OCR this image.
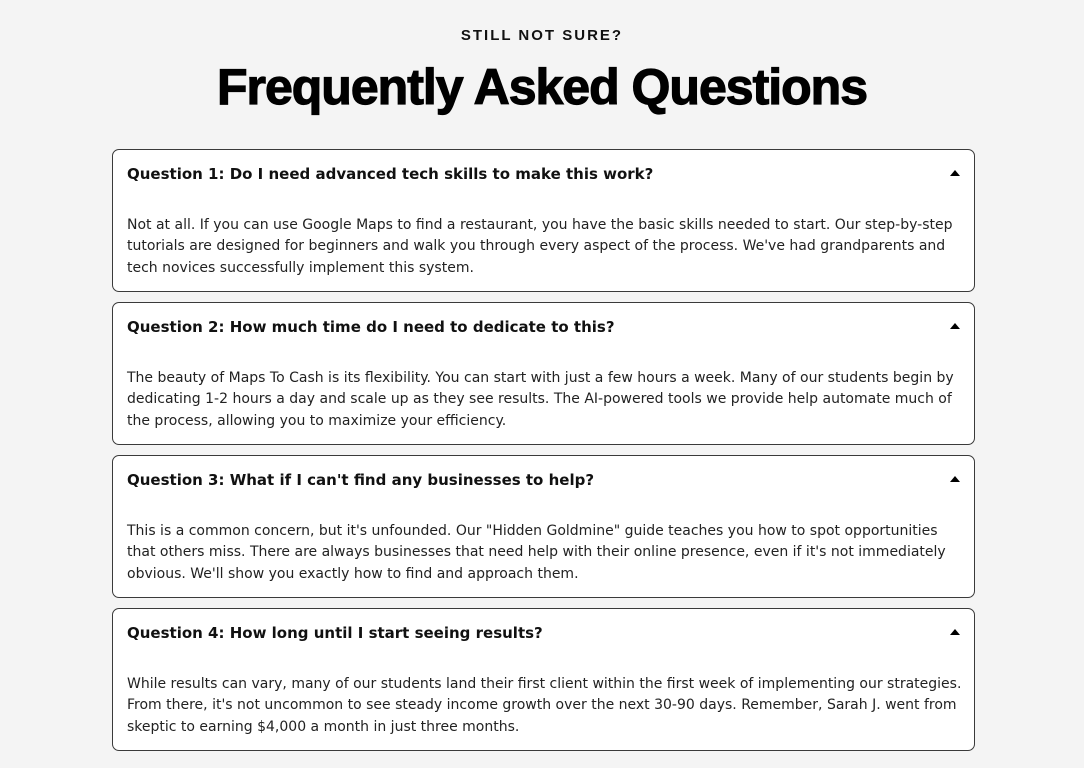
STILL NOT SURE?
Frequently Asked Questions
Question 1: Do I need advanced tech skills to make this work?
Not at all. If you can use Google Maps to find a restaurant, you have the basic skills needed to start. Our step-by-step tutorials are designed for beginners and walk you through every aspect of the process. We've had grandparents and tech novices successfully implement this system.
Question 2: How much time do I need to dedicate to this?
The beauty of Maps To Cash is its flexibility. You can start with just a few hours a week. Many of our students begin by dedicating 1-2 hours a day and scale up as they see results. The AI-powered tools we provide help automate much of the process, allowing you to maximize your efficiency.
Question 3: What if I can't find any businesses to help?
This is a common concern, but it's unfounded. Our "Hidden Goldmine" guide teaches you how to spot opportunities that others miss. There are always businesses that need help with their online presence, even if it's not immediately obvious. We'll show you exactly how to find and approach them.
Question 4: How long until I start seeing results?
While results can vary, many of our students land their first client within the first week of implementing our strategies. From there, it's not uncommon to see steady income growth over the next 30-90 days. Remember, Sarah J. went from skeptic to earning $4,000 a month in just three months.
